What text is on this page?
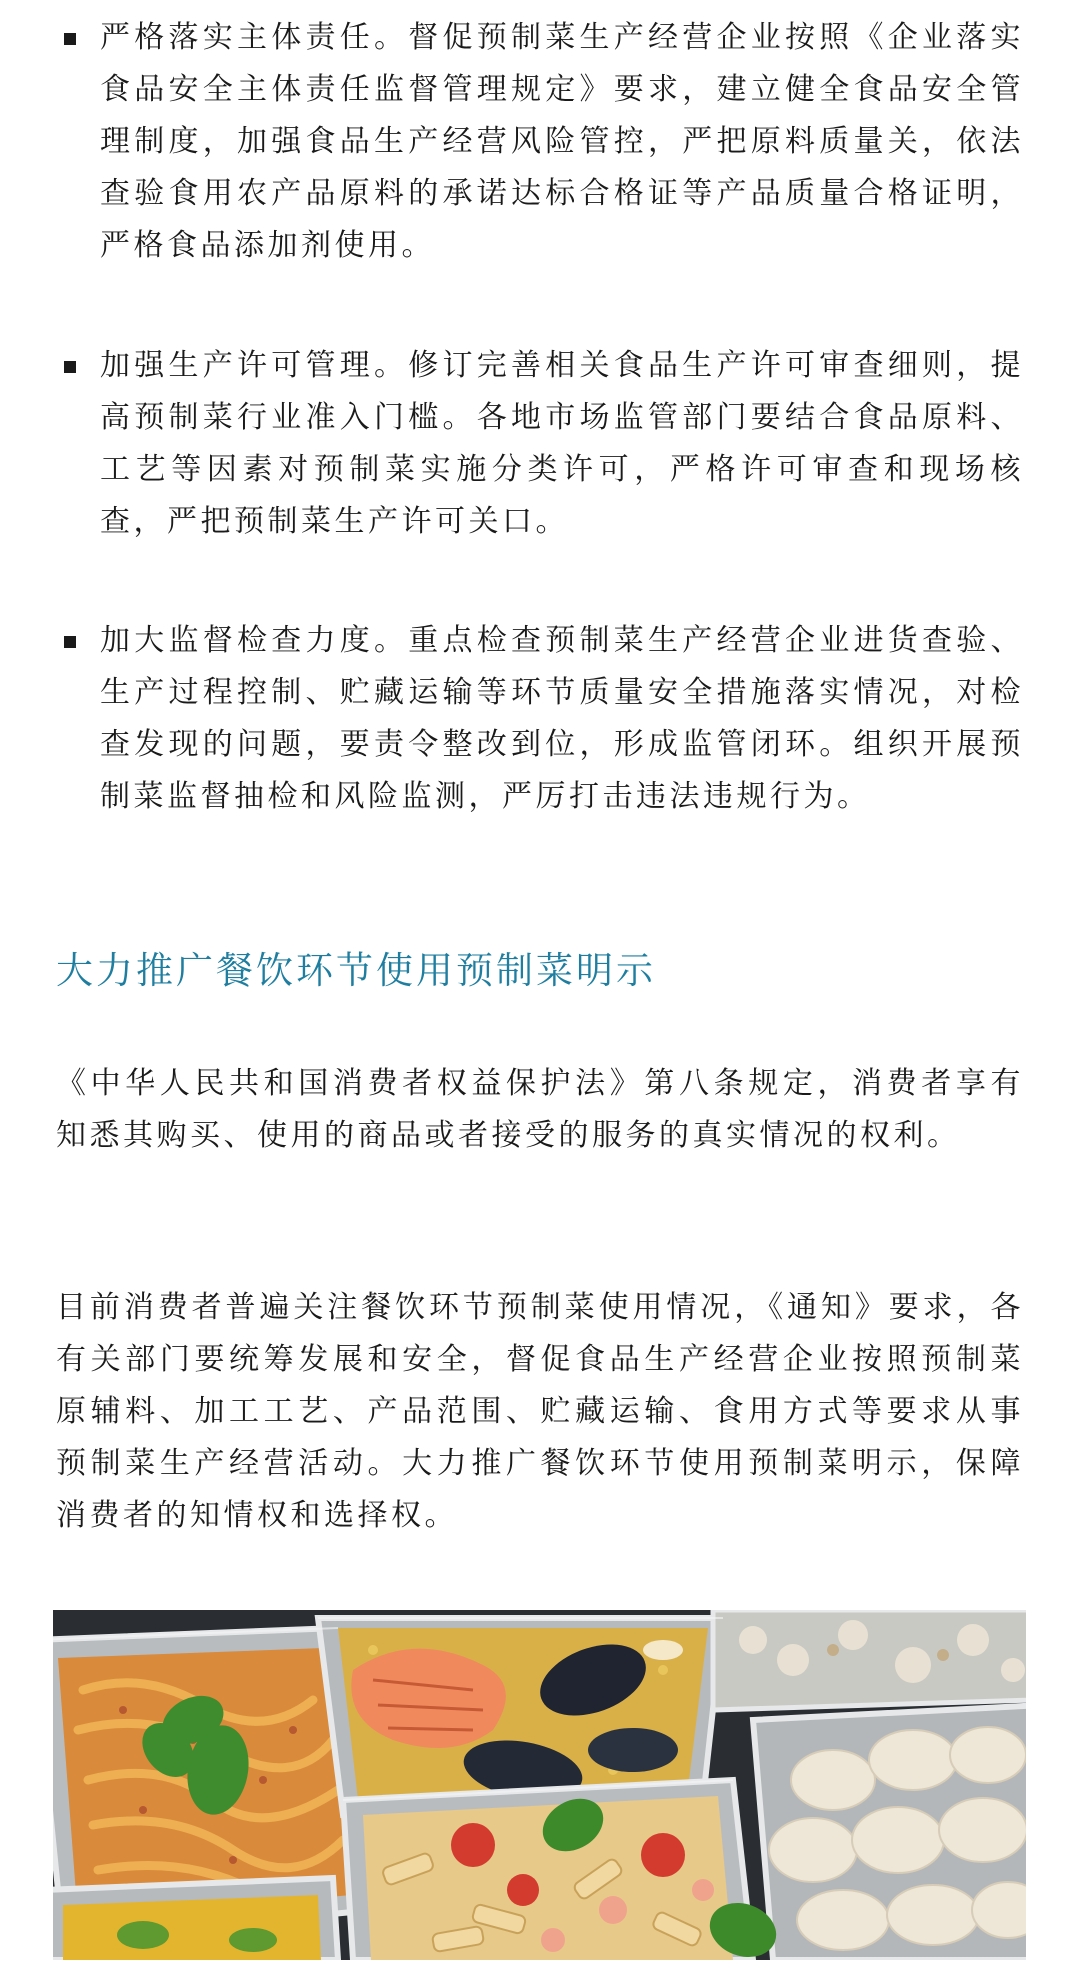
严格落实主体责任。督促预制菜生产经营企业按照《企业落实食品安全主体责任监督管理规定》要求，建立健全食品安全管理制度，加强食品生产经营风险管控，严把原料质量关，依法查验食用农产品原料的承诺达标合格证等产品质量合格证明，严格食品添加剂使用。
加强生产许可管理。修订完善相关食品生产许可审查细则，提高预制菜行业准入门槛。各地市场监管部门要结合食品原料、工艺等因素对预制菜实施分类许可，严格许可审查和现场核查，严把预制菜生产许可关口。
加大监督检查力度。重点检查预制菜生产经营企业进货查验、生产过程控制、贮藏运输等环节质量安全措施落实情况，对检查发现的问题，要责令整改到位，形成监管闭环。组织开展预制菜监督抽检和风险监测，严厉打击违法违规行为。
大力推广餐饮环节使用预制菜明示

《中华人民共和国消费者权益保护法》第八条规定，消费者享有知悉其购买、使用的商品或者接受的服务的真实情况的权利。

目前消费者普遍关注餐饮环节预制菜使用情况，《通知》要求，各有关部门要统筹发展和安全，督促食品生产经营企业按照预制菜原辅料、加工工艺、产品范围、贮藏运输、食用方式等要求从事预制菜生产经营活动。大力推广餐饮环节使用预制菜明示，保障消费者的知情权和选择权。
